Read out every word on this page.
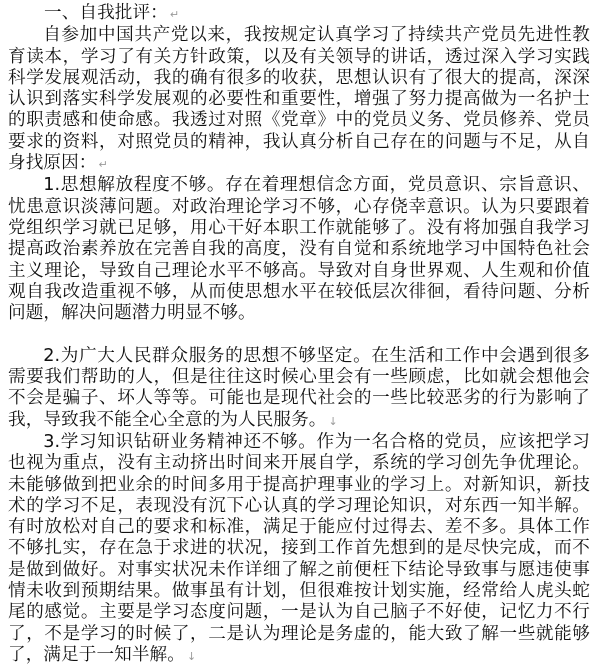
一、自我批评： ↵

自参加中国共产党以来，我按规定认真学习了持续共产党员先进性教育读本，学习了有关方针政策，以及有关领导的讲话，透过深入学习实践科学发展观活动，我的确有很多的收获，思想认识有了很大的提高，深深认识到落实科学发展观的必要性和重要性，增强了努力提高做为一名护士的职责感和使命感。我透过对照《党章》中的党员义务、党员修养、党员要求的资料，对照党员的精神，我认真分析自己存在的问题与不足，从自身找原因： ↵

1.思想解放程度不够。存在着理想信念方面，党员意识、宗旨意识、忧患意识淡薄问题。对政治理论学习不够，心存侥幸意识。认为只要跟着党组织学习就已足够，用心干好本职工作就能够了。没有将加强自我学习提高政治素养放在完善自我的高度，没有自觉和系统地学习中国特色社会主义理论，导致自己理论水平不够高。导致对自身世界观、人生观和价值观自我改造重视不够，从而使思想水平在较低层次徘徊，看待问题、分析问题，解决问题潜力明显不够。

2.为广大人民群众服务的思想不够坚定。在生活和工作中会遇到很多需要我们帮助的人，但是往往这时候心里会有一些顾虑，比如就会想他会不会是骗子、坏人等等。可能也是现代社会的一些比较恶劣的行为影响了我，导致我不能全心全意的为人民服务。 ↓

3.学习知识钻研业务精神还不够。作为一名合格的党员，应该把学习也视为重点，没有主动挤出时间来开展自学，系统的学习创先争优理论。未能够做到把业余的时间多用于提高护理事业的学习上。对新知识，新技术的学习不足，表现没有沉下心认真的学习理论知识，对东西一知半解。有时放松对自己的要求和标准，满足于能应付过得去、差不多。具体工作不够扎实，存在急于求进的状况，接到工作首先想到的是尽快完成，而不是做到做好。对事实状况未作详细了解之前便枉下结论导致事与愿违使事情未收到预期结果。做事虽有计划，但很难按计划实施，经常给人虎头蛇尾的感觉。主要是学习态度问题，一是认为自己脑子不好使，记忆力不行了，不是学习的时候了，二是认为理论是务虚的，能大致了解一些就能够了，满足于一知半解。 ↓
